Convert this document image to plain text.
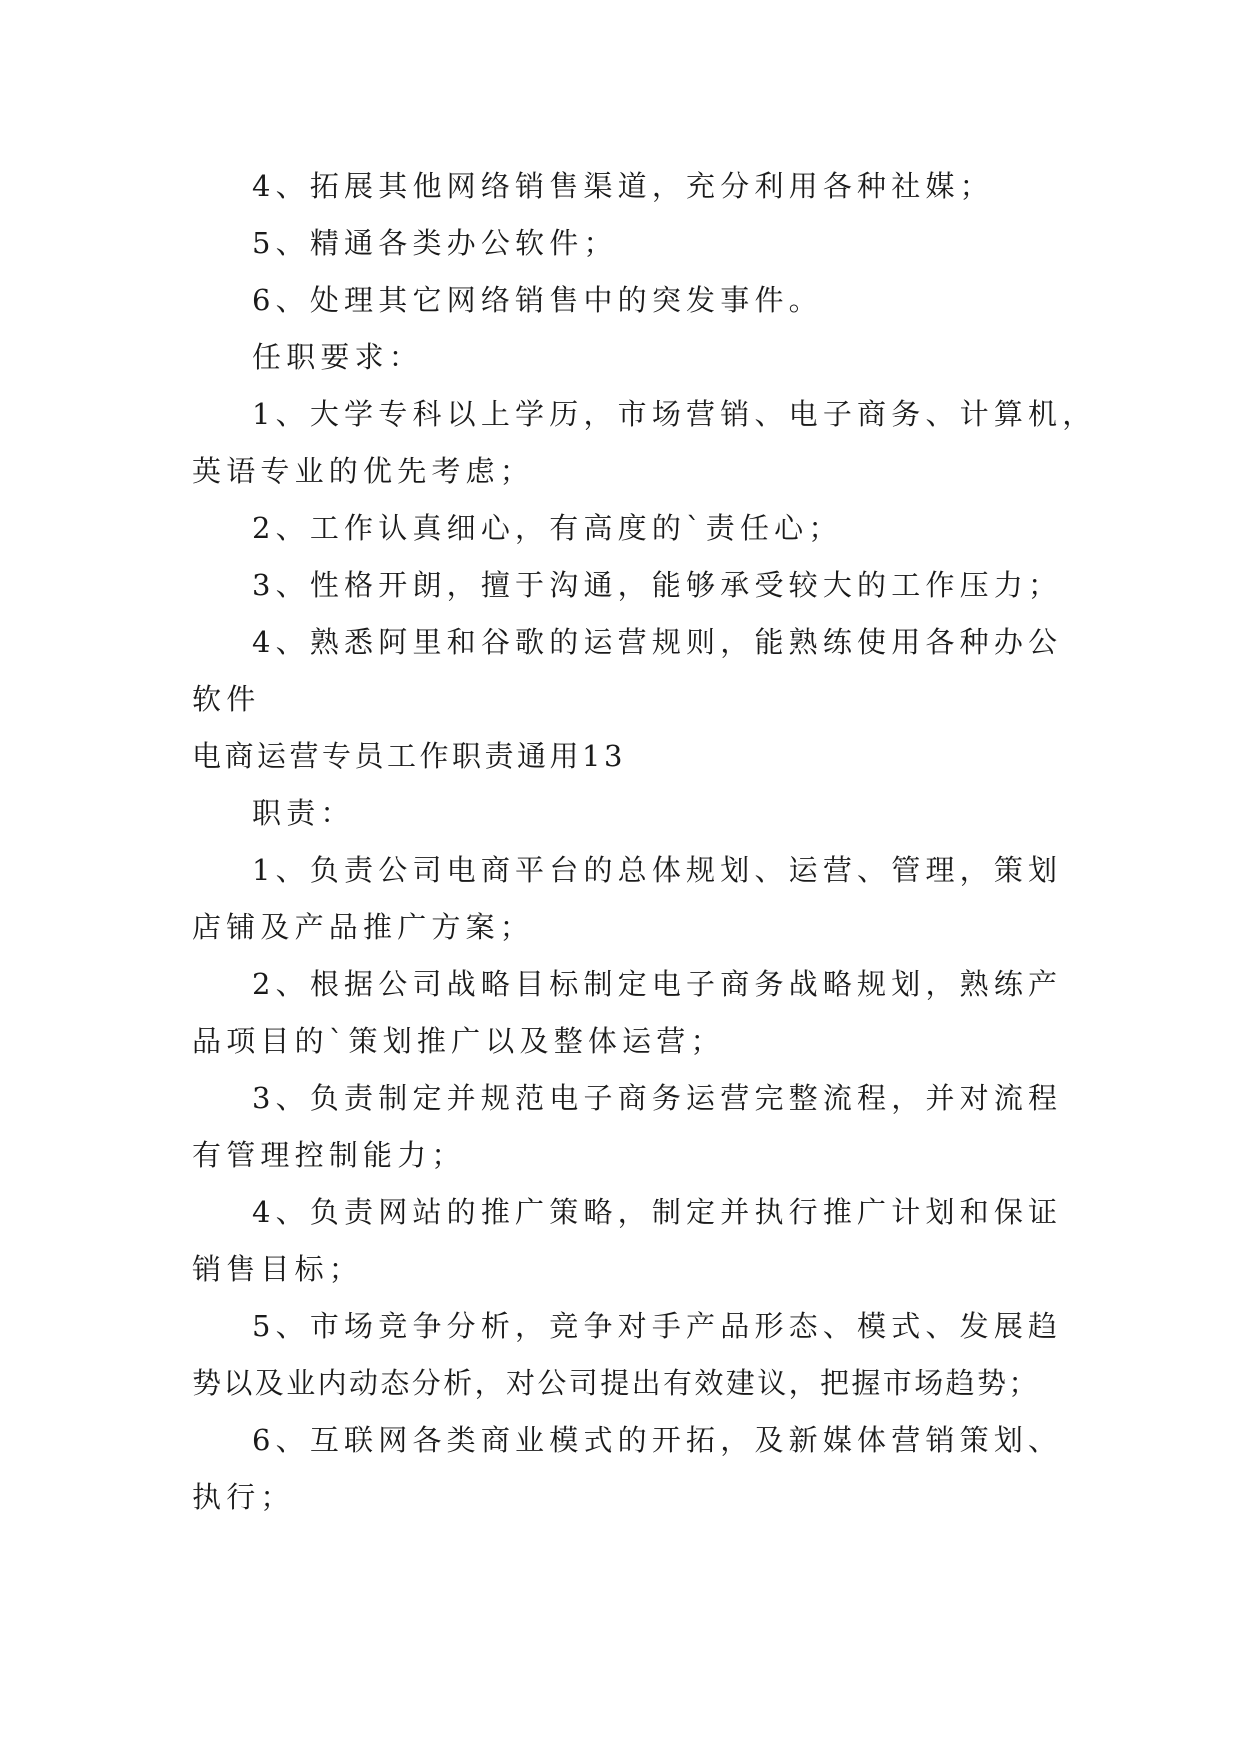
4、拓展其他网络销售渠道，充分利用各种社媒；
5、精通各类办公软件；
6、处理其它网络销售中的突发事件。
任职要求：
1、大学专科以上学历，市场营销、电子商务、计算机，
英语专业的优先考虑；
2、工作认真细心，有高度的`责任心；
3、性格开朗，擅于沟通，能够承受较大的工作压力；
4、熟悉阿里和谷歌的运营规则，能熟练使用各种办公
软件
电商运营专员工作职责通用13
职责：
1、负责公司电商平台的总体规划、运营、管理，策划
店铺及产品推广方案；
2、根据公司战略目标制定电子商务战略规划，熟练产
品项目的`策划推广以及整体运营；
3、负责制定并规范电子商务运营完整流程，并对流程
有管理控制能力；
4、负责网站的推广策略，制定并执行推广计划和保证
销售目标；
5、市场竞争分析，竞争对手产品形态、模式、发展趋
势以及业内动态分析，对公司提出有效建议，把握市场趋势；
6、互联网各类商业模式的开拓，及新媒体营销策划、
执行；
